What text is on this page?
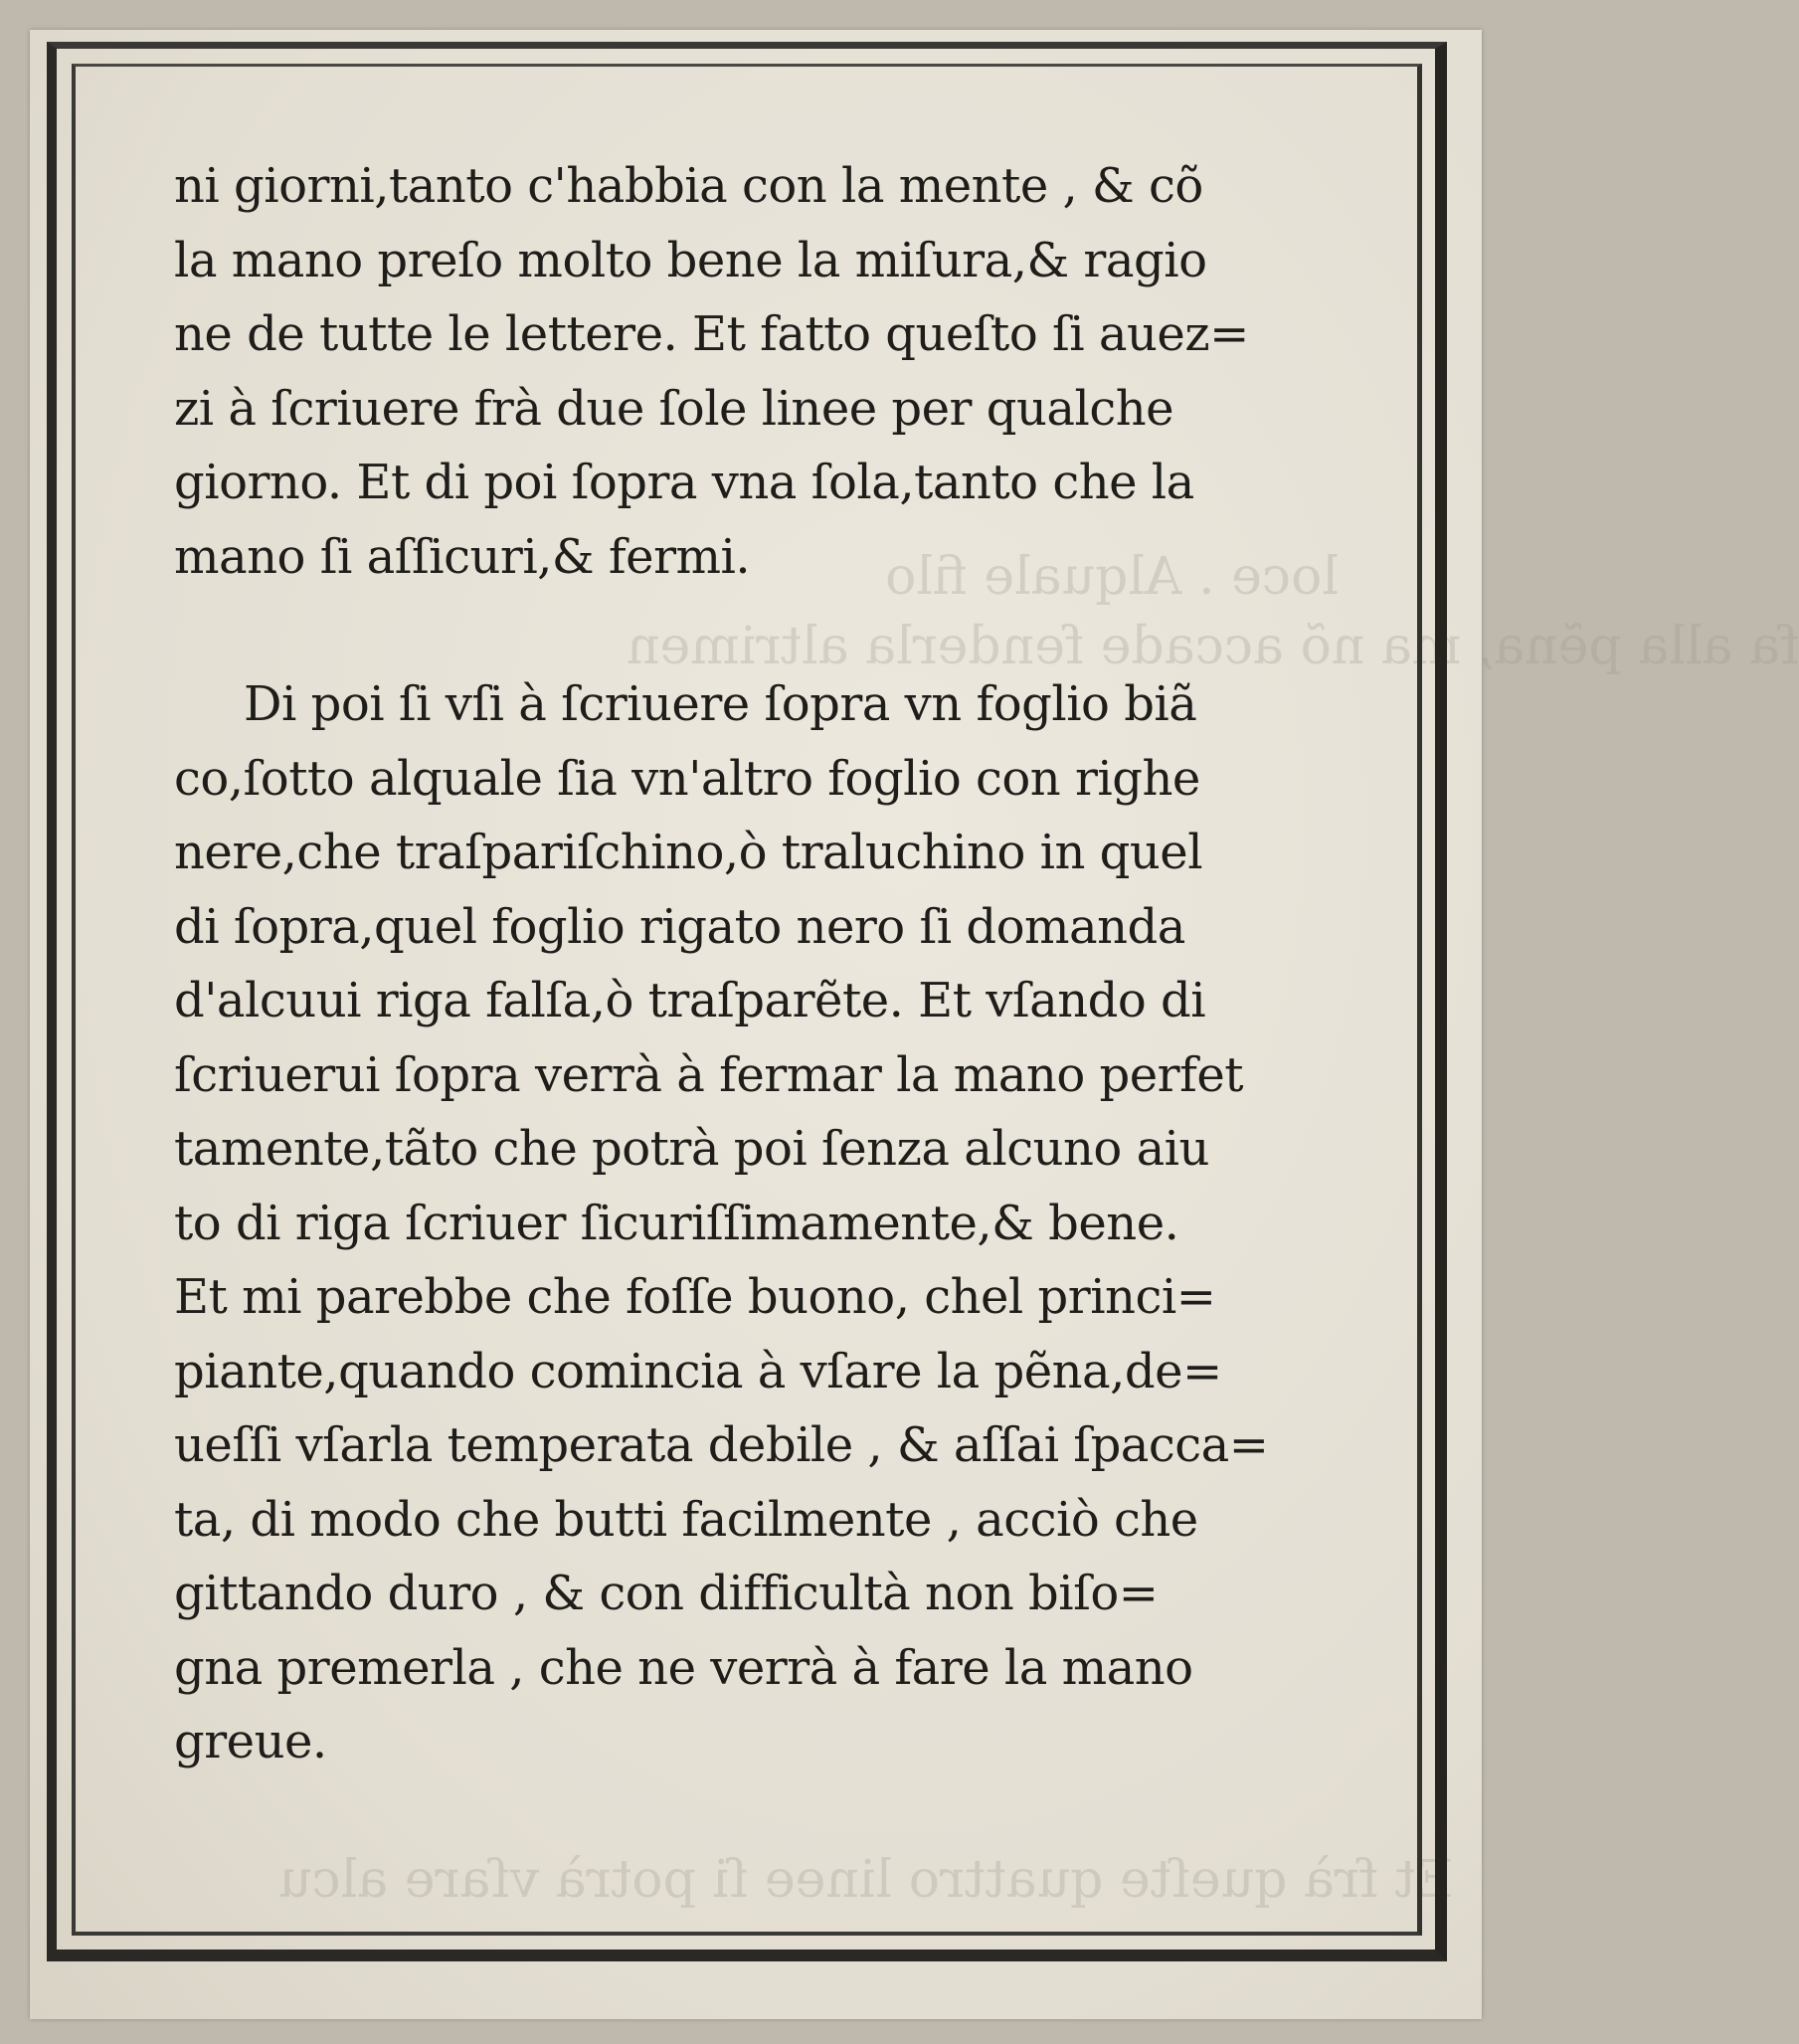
loce . Alquale filo
fa alla pẽna, ma nõ accade fenderla altrimen
Et frà queſte quattro linee ſi potrà vſare alcu
ni giorni,tanto c'habbia con la mente , & cõ
la mano preſo molto bene la miſura,& ragio
ne de tutte le lettere. Et fatto queſto ſi auez=
zi à ſcriuere frà due ſole linee per qualche
giorno. Et di poi ſopra vna ſola,tanto che la
mano ſi aſſicuri,& fermi.
Di poi ſi vſi à ſcriuere ſopra vn foglio biã
co,ſotto alquale ſia vn'altro foglio con righe
nere,che traſpariſchino,ò traluchino in quel
di ſopra,quel foglio rigato nero ſi domanda
d'alcuui riga falſa,ò traſparẽte. Et vſando di
ſcriuerui ſopra verrà à fermar la mano perfet
tamente,tãto che potrà poi ſenza alcuno aiu
to di riga ſcriuer ſicuriſſimamente,& bene.
Et mi parebbe che foſſe buono, chel princi=
piante,quando comincia à vſare la pẽna,de=
ueſſi vſarla temperata debile , & aſſai ſpacca=
ta, di modo che butti facilmente , acciò che
gittando duro , & con difficultà non biſo=
gna premerla , che ne verrà à fare la mano
greue.
